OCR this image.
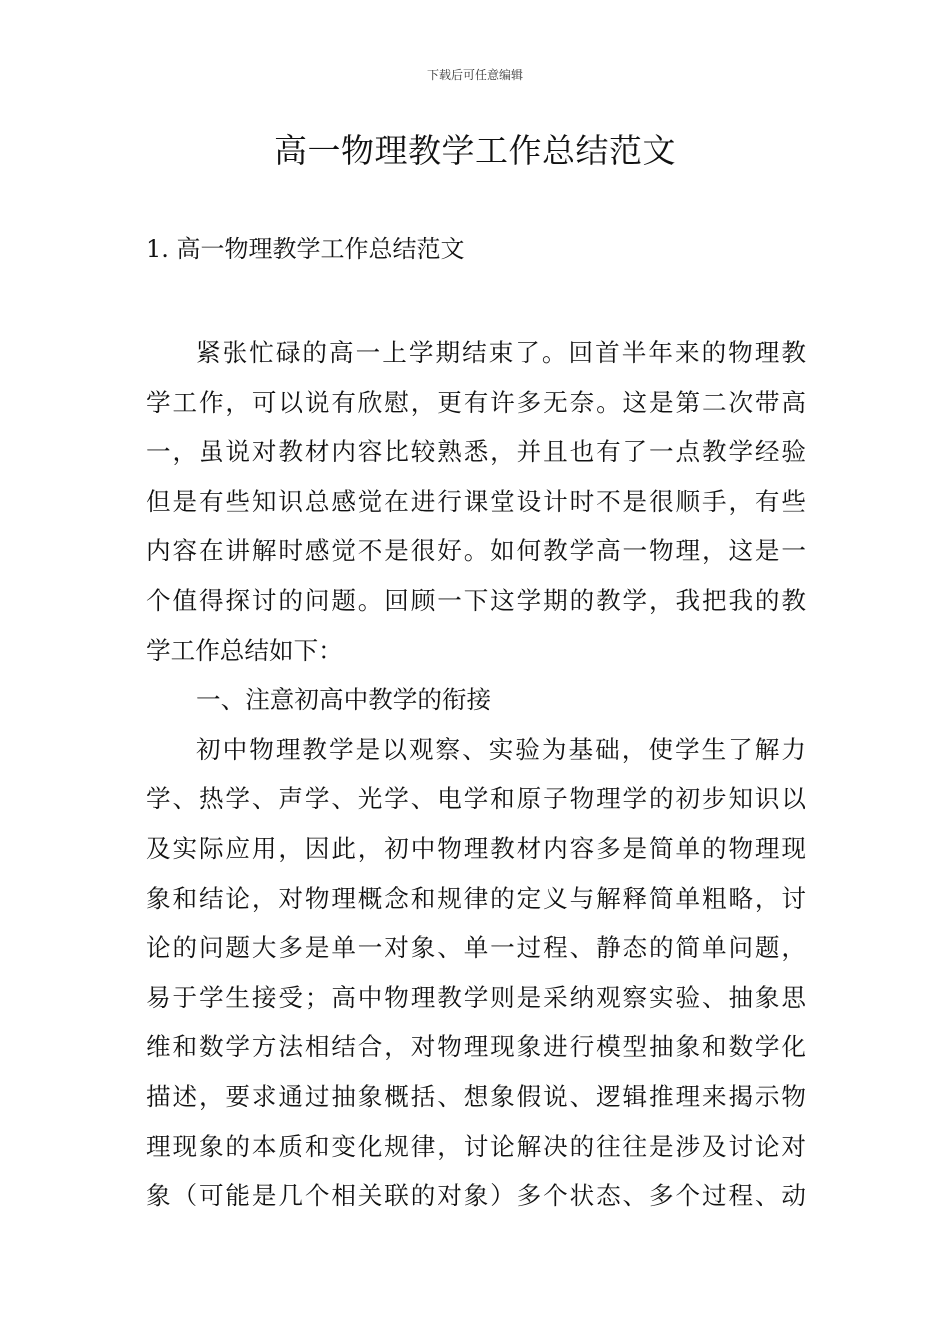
下载后可任意编辑
高一物理教学工作总结范文
1. 高一物理教学工作总结范文
紧张忙碌的高一上学期结束了。回首半年来的物理教
学工作，可以说有欣慰，更有许多无奈。这是第二次带高
一，虽说对教材内容比较熟悉，并且也有了一点教学经验
但是有些知识总感觉在进行课堂设计时不是很顺手，有些
内容在讲解时感觉不是很好。如何教学高一物理，这是一
个值得探讨的问题。回顾一下这学期的教学，我把我的教
学工作总结如下：
一、注意初高中教学的衔接
初中物理教学是以观察、实验为基础，使学生了解力
学、热学、声学、光学、电学和原子物理学的初步知识以
及实际应用，因此，初中物理教材内容多是简单的物理现
象和结论，对物理概念和规律的定义与解释简单粗略，讨
论的问题大多是单一对象、单一过程、静态的简单问题，
易于学生接受；高中物理教学则是采纳观察实验、抽象思
维和数学方法相结合，对物理现象进行模型抽象和数学化
描述，要求通过抽象概括、想象假说、逻辑推理来揭示物
理现象的本质和变化规律，讨论解决的往往是涉及讨论对
象（可能是几个相关联的对象）多个状态、多个过程、动
